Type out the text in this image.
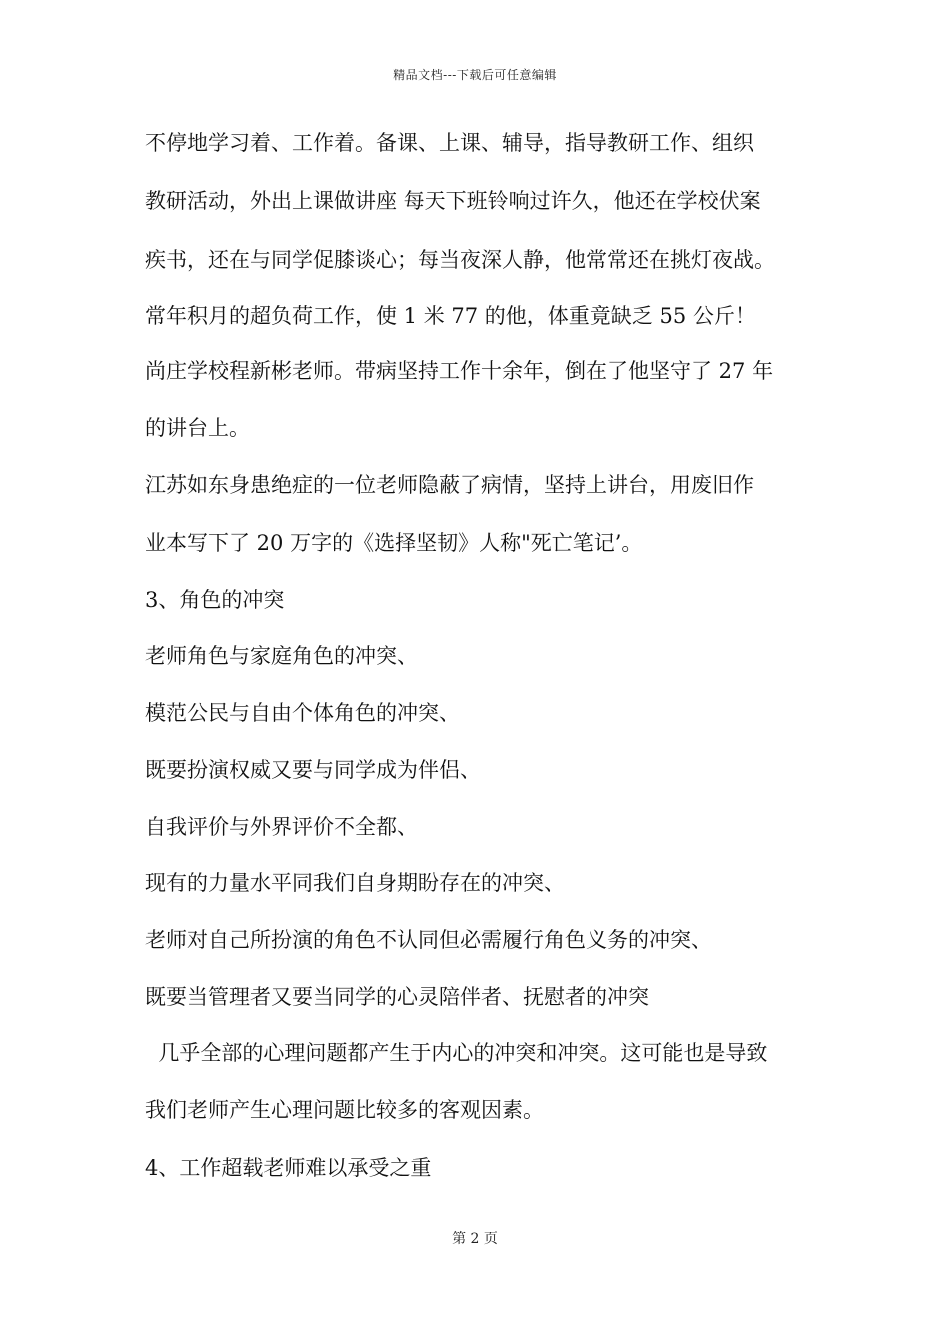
精品文档---下载后可任意编辑

不停地学习着、工作着。备课、上课、辅导，指导教研工作、组织

教研活动，外出上课做讲座 每天下班铃响过许久，他还在学校伏案

疾书，还在与同学促膝谈心；每当夜深人静，他常常还在挑灯夜战。

常年积月的超负荷工作，使 1 米 77 的他，体重竟缺乏 55 公斤！

尚庄学校程新彬老师。带病坚持工作十余年，倒在了他坚守了 27 年

的讲台上。

江苏如东身患绝症的一位老师隐蔽了病情，坚持上讲台，用废旧作

业本写下了 20 万字的《选择坚韧》人称"死亡笔记’。

3、角色的冲突

老师角色与家庭角色的冲突、

模范公民与自由个体角色的冲突、

既要扮演权威又要与同学成为伴侣、

自我评价与外界评价不全都、

现有的力量水平同我们自身期盼存在的冲突、

老师对自己所扮演的角色不认同但必需履行角色义务的冲突、

既要当管理者又要当同学的心灵陪伴者、抚慰者的冲突

几乎全部的心理问题都产生于内心的冲突和冲突。这可能也是导致

我们老师产生心理问题比较多的客观因素。

4、工作超载老师难以承受之重

第 2 页
